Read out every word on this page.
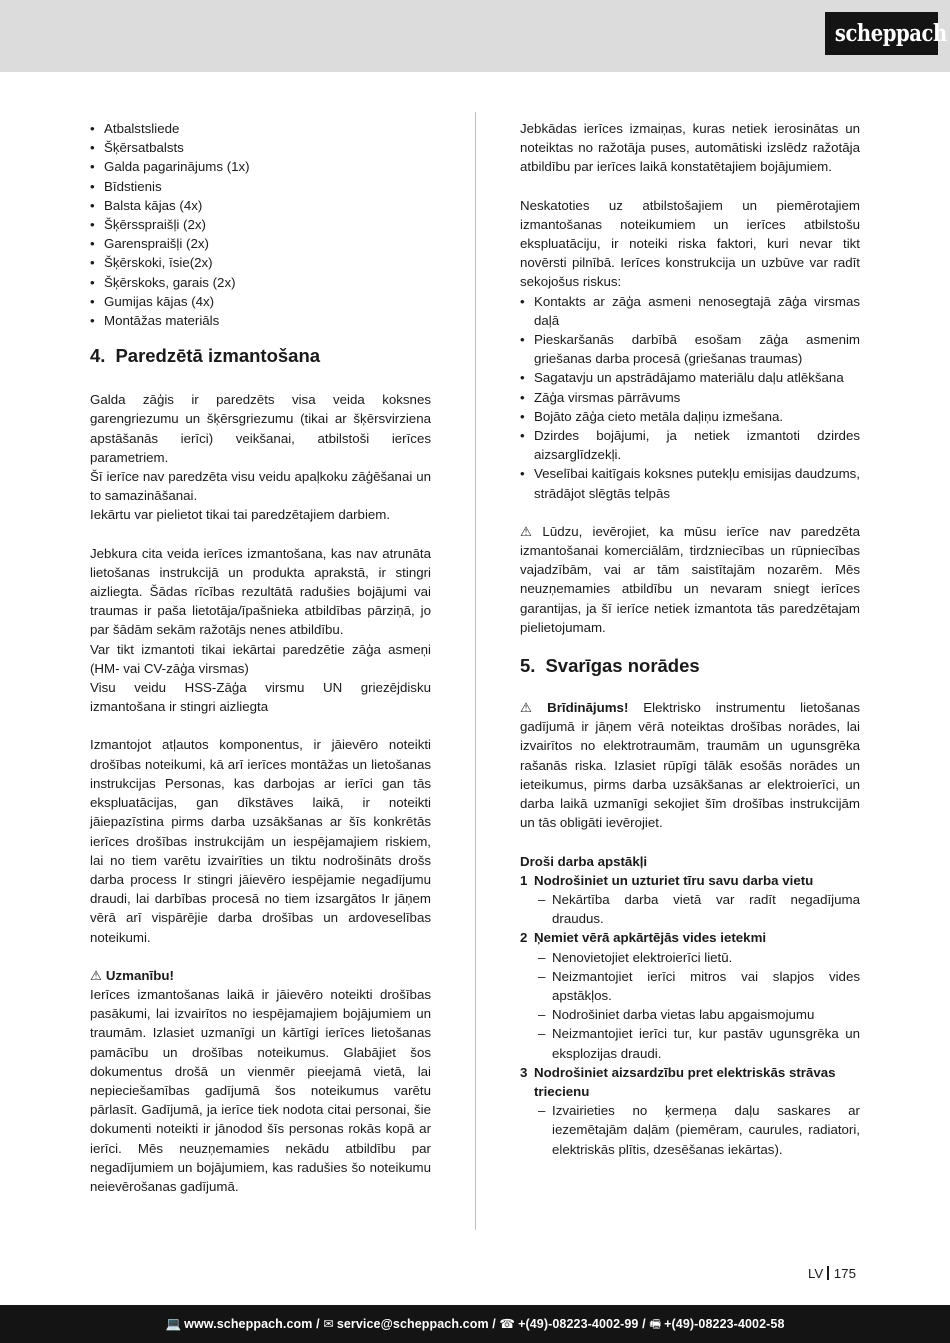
scheppach
• Atbalstsliede
• Šķērsatbalsts
• Galda pagarinājums (1x)
• Bīdstienis
• Balsta kājas (4x)
• Šķērsspraišļi (2x)
• Garenspraišļi (2x)
• Šķērskoki, īsie(2x)
• Šķērskoks, garais (2x)
• Gumijas kājas (4x)
• Montāžas materiāls
4. Paredzētā izmantošana

Galda zāģis ir paredzēts visa veida koksnes garengriezumu un šķērsgriezumu (tikai ar šķērsvirziena apstāšanās ierīci) veikšanai, atbilstoši ierīces parametriem.

Šī ierīce nav paredzēta visu veidu apaļkoku zāģēšanai un to samazināšanai.

Iekārtu var pielietot tikai tai paredzētajiem darbiem.

Jebkura cita veida ierīces izmantošana, kas nav atrunāta lietošanas instrukcijā un produkta aprakstā, ir stingri aizliegta. Šādas rīcības rezultātā radušies bojājumi vai traumas ir paša lietotāja/īpašnieka atbildības pārziņā, jo par šādām sekām ražotājs nenes atbildību.

Var tikt izmantoti tikai iekārtai paredzētie zāģa asmeņi (HM- vai CV-zāģa virsmas)

Visu veidu HSS-Zāģa virsmu UN griezējdisku izmantošana ir stingri aizliegta

Izmantojot atļautos komponentus, ir jāievēro noteikti drošības noteikumi, kā arī ierīces montāžas un lietošanas instrukcijas Personas, kas darbojas ar ierīci gan tās ekspluatācijas, gan dīkstāves laikā, ir noteikti jāiepazīstina pirms darba uzsākšanas ar šīs konkrētās ierīces drošības instrukcijām un iespējamajiem riskiem, lai no tiem varētu izvairīties un tiktu nodrošināts drošs darba process Ir stingri jāievēro iespējamie negadījumu draudi, lai darbības procesā no tiem izsargātos Ir jāņem vērā arī vispārējie darba drošības un ardoveselības noteikumi.

⚠ Uzmanību!

Ierīces izmantošanas laikā ir jāievēro noteikti drošības pasākumi, lai izvairītos no iespējamajiem bojājumiem un traumām. Izlasiet uzmanīgi un kārtīgi ierīces lietošanas pamācību un drošības noteikumus. Glabājiet šos dokumentus drošā un vienmēr pieejamā vietā, lai nepieciešamības gadījumā šos noteikumus varētu pārlasīt. Gadījumā, ja ierīce tiek nodota citai personai, šie dokumenti noteikti ir jānodod šīs personas rokās kopā ar ierīci. Mēs neuzņemamies nekādu atbildību par negadījumiem un bojājumiem, kas radušies šo noteikumu neievērošanas gadījumā.

Jebkādas ierīces izmaiņas, kuras netiek ierosinātas un noteiktas no ražotāja puses, automātiski izslēdz ražotāja atbildību par ierīces laikā konstatētajiem bojājumiem.

Neskatoties uz atbilstošajiem un piemērotajiem izmantošanas noteikumiem un ierīces atbilstošu ekspluatāciju, ir noteiki riska faktori, kuri nevar tikt novērsti pilnībā. Ierīces konstrukcija un uzbūve var radīt sekojošus riskus:

• Kontakts ar zāģa asmeni nenosegtajā zāģa virsmas daļā
• Pieskaršanās darbībā esošam zāģa asmenim griešanas darba procesā (griešanas traumas)
• Sagatavju un apstrādājamo materiālu daļu atlēkšana
• Zāģa virsmas pārrāvums
• Bojāto zāģa cieto metāla daļiņu izmešana.
• Dzirdes bojājumi, ja netiek izmantoti dzirdes aizsarglīdzekļi.
• Veselībai kaitīgais koksnes putekļu emisijas daudzums, strādājot slēgtās telpās

⚠ Lūdzu, ievērojiet, ka mūsu ierīce nav paredzēta izmantošanai komerciālām, tirdzniecības un rūpniecības vajadzībām, vai ar tām saistītajām nozarēm. Mēs neuzņemamies atbildību un nevaram sniegt ierīces garantijas, ja šī ierīce netiek izmantota tās paredzētajam pielietojumam.

5. Svarīgas norādes

⚠ Brīdinājums! Elektrisko instrumentu lietošanas gadījumā ir jāņem vērā noteiktas drošības norādes, lai izvairītos no elektrotraumām, traumām un ugunsgrēka rašanās riska. Izlasiet rūpīgi tālāk esošās norādes un ieteikumus, pirms darba uzsākšanas ar elektroierīci, un darba laikā uzmanīgi sekojiet šīm drošības instrukcijām un tās obligāti ievērojiet.

Droši darba apstākļi

1 Nodrošiniet un uzturiet tīru savu darba vietu
– Nekārtība darba vietā var radīt negadījuma draudus.
2 Ņemiet vērā apkārtējās vides ietekmi
– Nenovietojiet elektroierīci lietū.
– Neizmantojiet ierīci mitros vai slapjos vides apstākļos.
– Nodrošiniet darba vietas labu apgaismojumu
– Neizmantojiet ierīci tur, kur pastāv ugunsgrēka un eksplozijas draudi.
3 Nodrošiniet aizsardzību pret elektriskās strāvas triecienu
– Izvairieties no ķermeņa daļu saskares ar iezemētajām daļām (piemēram, caurules, radiatori, elektriskās plītis, dzesēšanas iekārtas).
LV 175
💻 www.scheppach.com / ✉ service@scheppach.com / ☎ +(49)-08223-4002-99 / 🖷 +(49)-08223-4002-58
